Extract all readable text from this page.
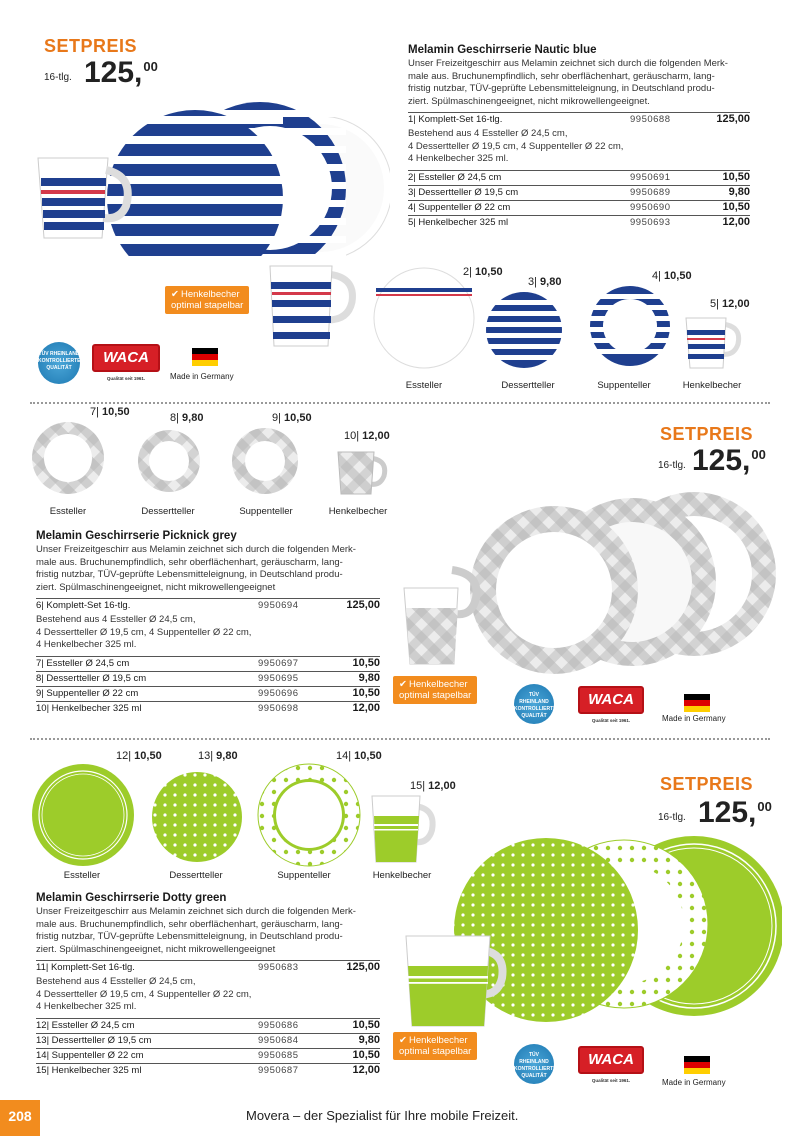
SETPREIS
16-tlg. 125,00
Melamin Geschirrserie Nautic blue
Unser Freizeitgeschirr aus Melamin zeichnet sich durch die folgenden Merk-
male aus. Bruchunempfindlich, sehr oberflächenhart, geräuscharm, lang-
fristig nutzbar, TÜV-geprüfte Lebensmitteleignung, in Deutschland produ-
ziert. Spülmaschinengeeignet, nicht mikrowellengeeignet.
1| Komplett-Set 16-tlg.	9950688	125,00
Bestehend aus 4 Essteller Ø 24,5 cm,
4 Dessertteller Ø 19,5 cm, 4 Suppenteller Ø 22 cm,
4 Henkelbecher 325 ml.
2| Essteller Ø 24,5 cm	9950691	10,50
3| Dessertteller Ø 19,5 cm	9950689	9,80
4| Suppenteller Ø 22 cm	9950690	10,50
5| Henkelbecher 325 ml	9950693	12,00
✔ Henkelbecher
optimal stapelbar
2| 10,50
3| 9,80	4| 10,50
5| 12,00
Essteller	Dessertteller	Suppenteller	Henkelbecher
TÜV RHEINLAND
KONTROLLIERTE
QUALITÄT
WACA
Qualität seit 1961.	Made in Germany
7| 10,50	8| 9,80	9| 10,50
10| 12,00
Essteller	Dessertteller	Suppenteller	Henkelbecher
SETPREIS
16-tlg. 125,00
Melamin Geschirrserie Picknick grey
Unser Freizeitgeschirr aus Melamin zeichnet sich durch die folgenden Merk-
male aus. Bruchunempfindlich, sehr oberflächenhart, geräuscharm, lang-
fristig nutzbar, TÜV-geprüfte Lebensmitteleignung, in Deutschland produ-
ziert. Spülmaschinengeeignet, nicht mikrowellengeeignet
6| Komplett-Set 16-tlg.	9950694	125,00
Bestehend aus 4 Essteller Ø 24,5 cm,
4 Dessertteller Ø 19,5 cm, 4 Suppenteller Ø 22 cm,
4 Henkelbecher 325 ml.
7| Essteller Ø 24,5 cm	9950697	10,50
8| Dessertteller Ø 19,5 cm	9950695	9,80
9| Suppenteller Ø 22 cm	9950696	10,50
10| Henkelbecher 325 ml	9950698	12,00
✔ Henkelbecher
optimal stapelbar	TÜV RHEINLAND
KONTROLLIERTE
QUALITÄT
WACA
Qualität seit 1961.	Made in Germany
12| 10,50	13| 9,80	14| 10,50
15| 12,00
Essteller	Dessertteller	Suppenteller	Henkelbecher
SETPREIS
16-tlg. 125,00
Melamin Geschirrserie Dotty green
Unser Freizeitgeschirr aus Melamin zeichnet sich durch die folgenden Merk-
male aus. Bruchunempfindlich, sehr oberflächenhart, geräuscharm, lang-
fristig nutzbar, TÜV-geprüfte Lebensmitteleignung, in Deutschland produ-
ziert. Spülmaschinengeeignet, nicht mikrowellengeeignet
11| Komplett-Set 16-tlg.	9950683	125,00
Bestehend aus 4 Essteller Ø 24,5 cm,
4 Dessertteller Ø 19,5 cm, 4 Suppenteller Ø 22 cm,
4 Henkelbecher 325 ml.
12| Essteller Ø 24,5 cm	9950686	10,50
13| Dessertteller Ø 19,5 cm	9950684	9,80
14| Suppenteller Ø 22 cm	9950685	10,50
15| Henkelbecher 325 ml	9950687	12,00
✔ Henkelbecher
optimal stapelbar	TÜV RHEINLAND
KONTROLLIERTE
QUALITÄT
WACA
Qualität seit 1961.	Made in Germany
208	Movera – der Spezialist für Ihre mobile Freizeit.
